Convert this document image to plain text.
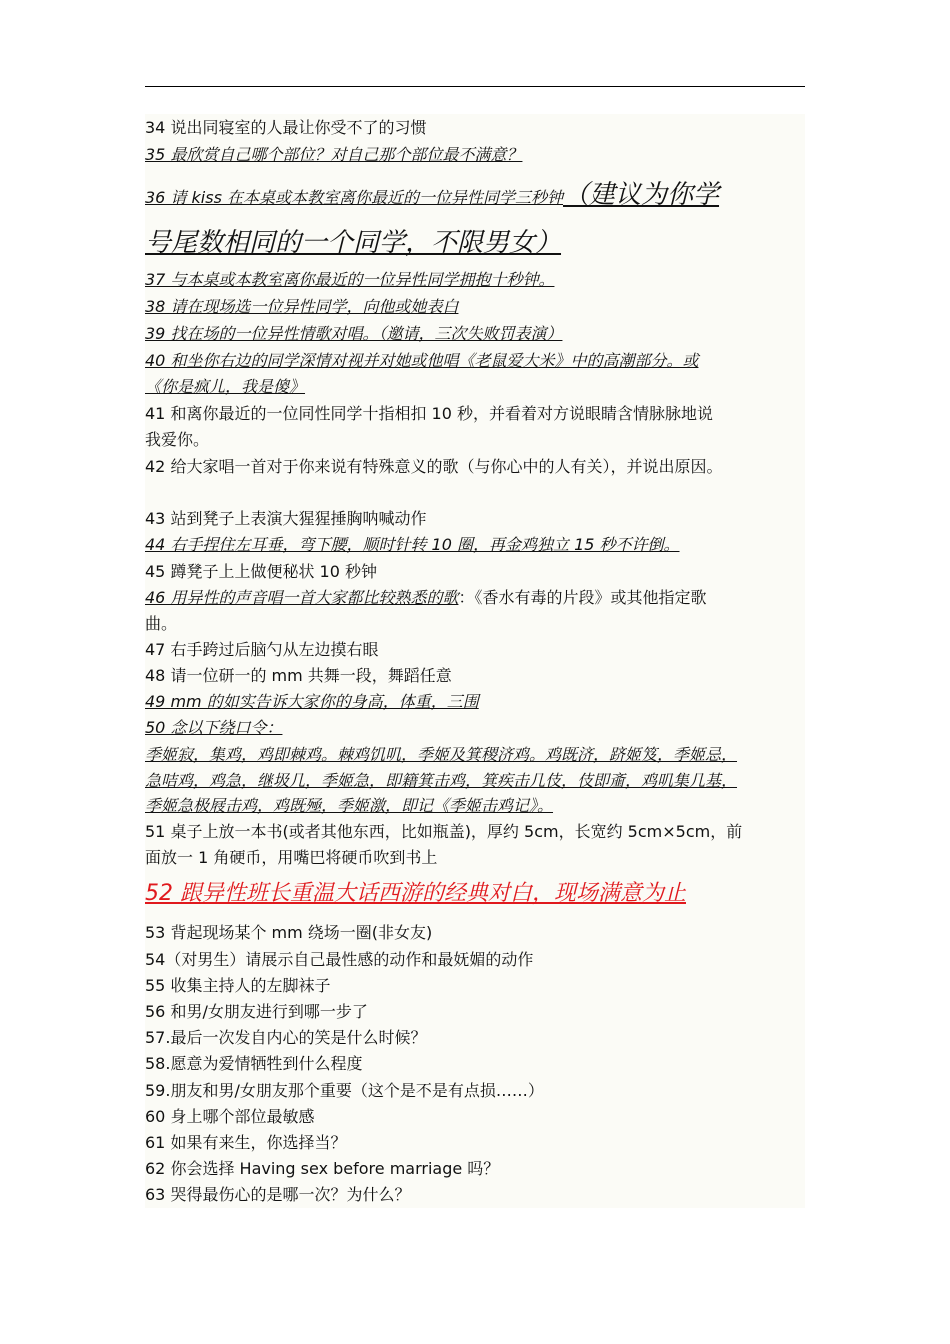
34 说出同寝室的人最让你受不了的习惯
35 最欣赏自己哪个部位？对自己那个部位最不满意？
36 请 kiss 在本桌或本教室离你最近的一位异性同学三秒钟（建议为你学
号尾数相同的一个同学，不限男女）
37 与本桌或本教室离你最近的一位异性同学拥抱十秒钟。
38 请在现场选一位异性同学，向他或她表白
39 找在场的一位异性情歌对唱。（邀请，三次失败罚表演）
40 和坐你右边的同学深情对视并对她或他唱《老鼠爱大米》中的高潮部分。或
《你是疯儿，我是傻》
41 和离你最近的一位同性同学十指相扣 10 秒，并看着对方说眼睛含情脉脉地说
我爱你。
42 给大家唱一首对于你来说有特殊意义的歌（与你心中的人有关），并说出原因。
43 站到凳子上表演大猩猩捶胸呐喊动作
44 右手捏住左耳垂，弯下腰，顺时针转 10 圈，再金鸡独立 15 秒不许倒。
45 蹲凳子上上做便秘状 10 秒钟
46 用异性的声音唱一首大家都比较熟悉的歌：《香水有毒的片段》或其他指定歌
曲。
47 右手跨过后脑勺从左边摸右眼
48 请一位研一的 mm 共舞一段，舞蹈任意
49 mm 的如实告诉大家你的身高，体重，三围
50 念以下绕口令：
季姬寂，集鸡，鸡即棘鸡。棘鸡饥叽，季姬及箕稷济鸡。鸡既济，跻姬笈，季姬忌，
急咭鸡，鸡急，继圾几，季姬急，即籍箕击鸡，箕疾击几伎，伎即齑，鸡叽集几基，
季姬急极屐击鸡，鸡既殛，季姬激，即记《季姬击鸡记》。
51 桌子上放一本书(或者其他东西，比如瓶盖)，厚约 5cm，长宽约 5cm×5cm，前
面放一 1 角硬币，用嘴巴将硬币吹到书上
52 跟异性班长重温大话西游的经典对白，现场满意为止
53 背起现场某个 mm 绕场一圈(非女友)
54（对男生）请展示自己最性感的动作和最妩媚的动作
55 收集主持人的左脚袜子
56 和男/女朋友进行到哪一步了
57.最后一次发自内心的笑是什么时候？
58.愿意为爱情牺牲到什么程度
59.朋友和男/女朋友那个重要（这个是不是有点损……）
60 身上哪个部位最敏感
61 如果有来生，你选择当？
62 你会选择 Having sex before marriage 吗？
63 哭得最伤心的是哪一次？为什么？
